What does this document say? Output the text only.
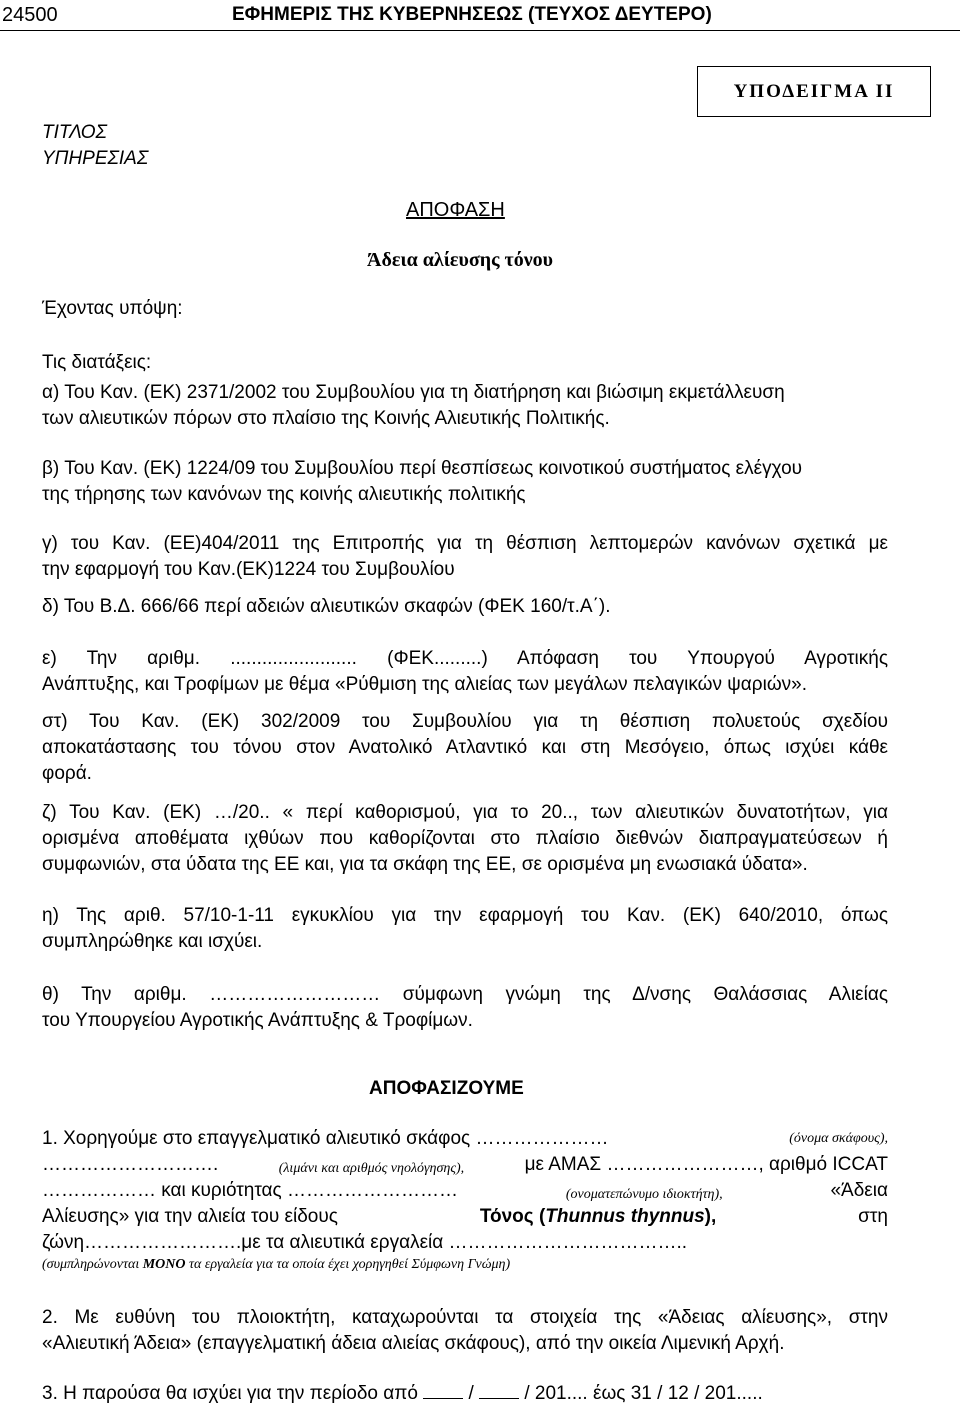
24500	ΕΦΗΜΕΡΙΣ ΤΗΣ ΚΥΒΕΡΝΗΣΕΩΣ (ΤΕΥΧΟΣ ΔΕΥΤΕΡΟ)
ΥΠΟΔΕΙΓΜΑ ΙΙ
ΤΙΤΛΟΣ
ΥΠΗΡΕΣΙΑΣ
ΑΠΟΦΑΣΗ
Άδεια αλίευσης τόνου
Έχοντας υπόψη:
Τις διατάξεις:
α) Του Καν. (ΕΚ) 2371/2002 του Συμβουλίου για τη διατήρηση και βιώσιμη εκμετάλλευση
των αλιευτικών πόρων στο πλαίσιο της Κοινής Αλιευτικής Πολιτικής.
β) Του Καν. (ΕΚ) 1224/09 του Συμβουλίου περί θεσπίσεως κοινοτικού συστήματος ελέγχου
της τήρησης των κανόνων της κοινής αλιευτικής πολιτικής
γ) του Καν. (ΕΕ)404/2011 της Επιτροπής για τη θέσπιση λεπτομερών κανόνων σχετικά με
την εφαρμογή του Καν.(ΕΚ)1224 του Συμβουλίου
δ) Του Β.Δ. 666/66 περί αδειών αλιευτικών σκαφών (ΦΕΚ 160/τ.Α΄).
ε) Την αριθμ. ........................ (ΦΕΚ.........) Απόφαση του Υπουργού Αγροτικής
Ανάπτυξης, και Τροφίμων με θέμα «Ρύθμιση της αλιείας των μεγάλων πελαγικών ψαριών».
στ) Του Καν. (ΕΚ) 302/2009 του Συμβουλίου για τη θέσπιση πολυετούς σχεδίου
αποκατάστασης του τόνου στον Ανατολικό Ατλαντικό και στη Μεσόγειο, όπως ισχύει κάθε
φορά.
ζ) Του Καν. (ΕΚ) …/20.. « περί καθορισμού, για το 20.., των αλιευτικών δυνατοτήτων, για
ορισμένα αποθέματα ιχθύων που καθορίζονται στο πλαίσιο διεθνών διαπραγματεύσεων ή
συμφωνιών, στα ύδατα της ΕΕ και, για τα σκάφη της ΕΕ, σε ορισμένα μη ενωσιακά ύδατα».
η) Της αριθ. 57/10-1-11 εγκυκλίου για την εφαρμογή του Καν. (ΕΚ) 640/2010, όπως
συμπληρώθηκε και ισχύει.
θ) Την αριθμ. ……………………… σύμφωνη γνώμη της Δ/νσης Θαλάσσιας Αλιείας
του Υπουργείου Αγροτικής Ανάπτυξης & Τροφίμων.
ΑΠΟΦΑΣΙΖΟΥΜΕ
1. Χορηγούμε στο επαγγελματικό αλιευτικό σκάφος …………………	(όνομα σκάφους),
……………………….	(λιμάνι και αριθμός νηολόγησης),	με ΑΜΑΣ ……………………, αριθμό ICCAT
……………… και κυριότητας ………………………	(ονοματεπώνυμο ιδιοκτήτη),	«Άδεια
Αλίευσης» για την αλιεία του είδους	Τόνος (Thunnus thynnus),	στη
ζώνη…………………….με τα αλιευτικά εργαλεία ………………………………..
(συμπληρώνονται ΜΟΝΟ τα εργαλεία για τα οποία έχει χορηγηθεί Σύμφωνη Γνώμη)
2. Με ευθύνη του πλοιοκτήτη, καταχωρούνται τα στοιχεία της «Άδειας αλίευσης», στην
«Αλιευτική Άδεια» (επαγγελματική άδεια αλιείας σκάφους), από την οικεία Λιμενική Αρχή.
3. Η παρούσα θα ισχύει για την περίοδο από	/	/ 201.... έως 31 / 12 / 201.....
